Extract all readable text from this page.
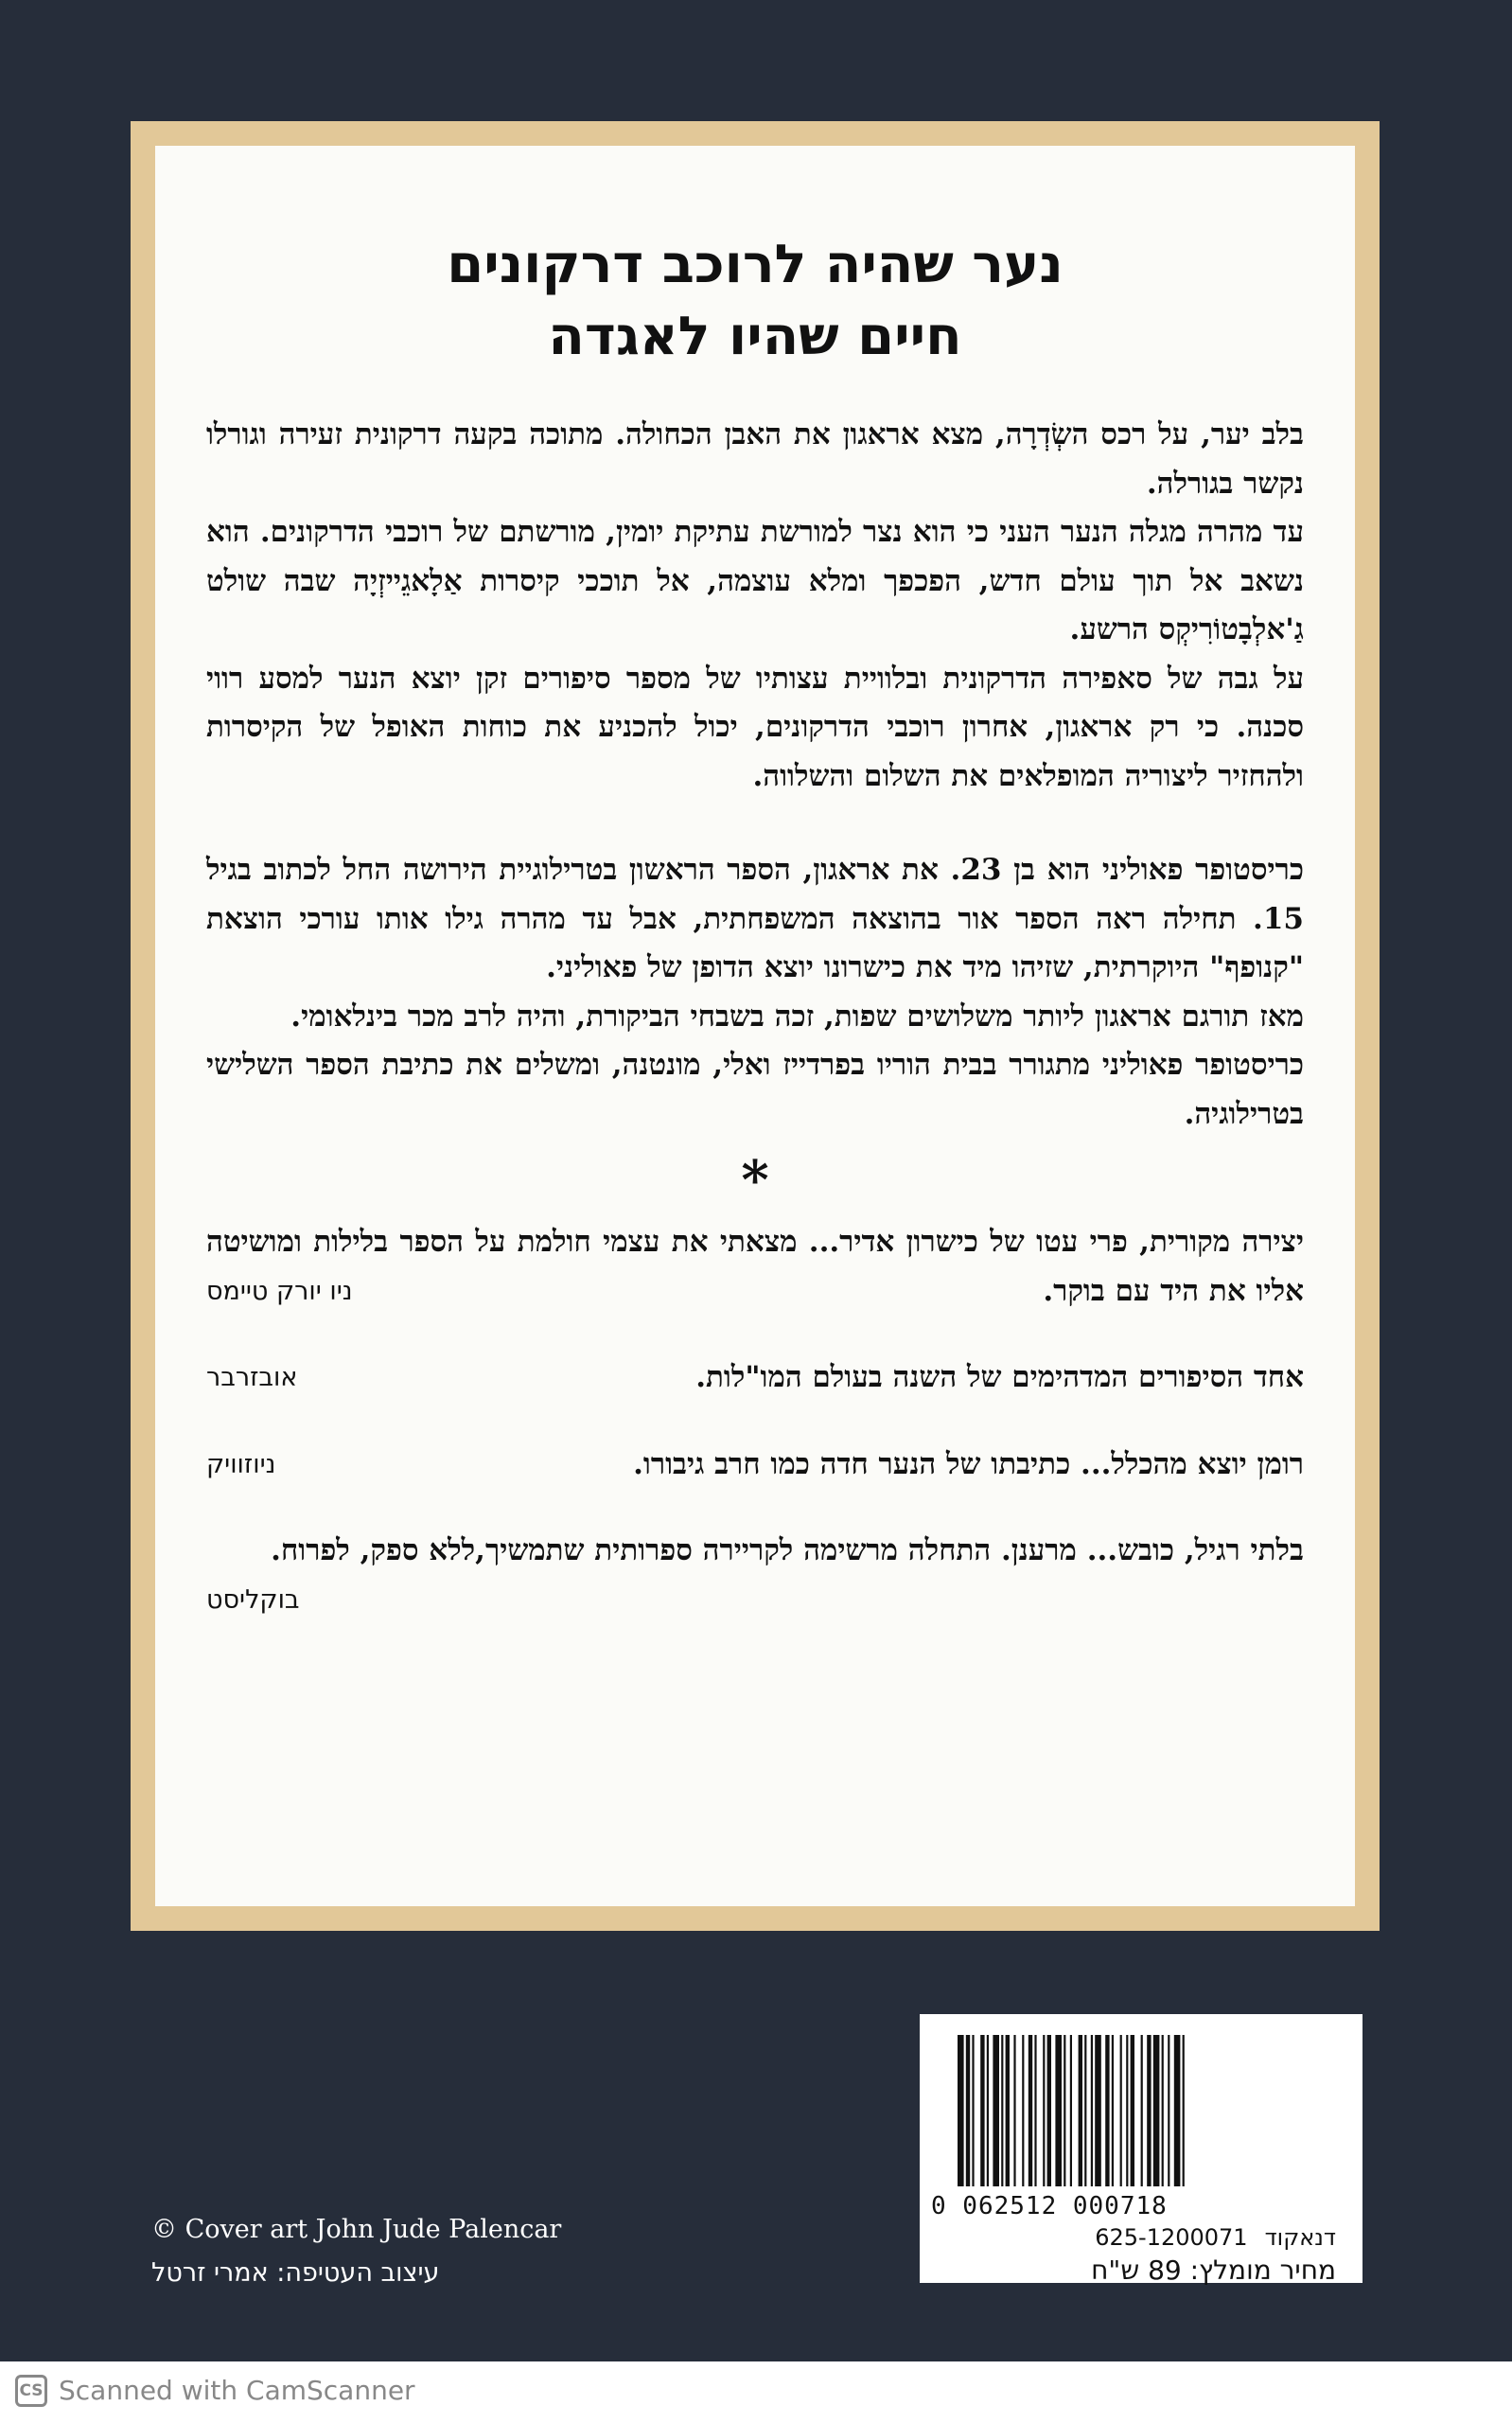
נער שהיה לרוכב דרקונים
חיים שהיו לאגדה

בלב יער, על רכס השְׂדְרָה, מצא אראגון את האבן הכחולה. מתוכה בקעה דרקונית זעירה וגורלו נקשר בגורלה.

עד מהרה מגלה הנער העני כי הוא נצר למורשת עתיקת יומין, מורשתם של רוכבי הדרקונים. הוא נשאב אל תוך עולם חדש, הפכפך ומלא עוצמה, אל תוככי קיסרות אַלָאגֵייזְיָה שבה שולט גַ'אלְבָטוֹרִיקְס הרשע.

על גבה של סאפירה הדרקונית ובלוויית עצותיו של מספר סיפורים זקן יוצא הנער למסע רווי סכנה. כי רק אראגון, אחרון רוכבי הדרקונים, יכול להכניע את כוחות האופל של הקיסרות ולהחזיר ליצוריה המופלאים את השלום והשלווה.

כריסטופר פאוליני הוא בן 23. את אראגון, הספר הראשון בטרילוגיית הירושה החל לכתוב בגיל 15. תחילה ראה הספר אור בהוצאה המשפחתית, אבל עד מהרה גילו אותו עורכי הוצאת "קנופף" היוקרתית, שזיהו מיד את כישרונו יוצא הדופן של פאוליני.

מאז תורגם אראגון ליותר משלושים שפות, זכה בשבחי הביקורת, והיה לרב מכר בינלאומי.

כריסטופר פאוליני מתגורר בבית הוריו בפרדייז ואלי, מונטנה, ומשלים את כתיבת הספר השלישי בטרילוגיה.

*

יצירה מקורית, פרי עטו של כישרון אדיר... מצאתי את עצמי חולמת על הספר בלילות ומושיטה אליו את היד עם בוקר.
ניו יורק טיימס

אחד הסיפורים המדהימים של השנה בעולם המו"לות.
אובזרבר

רומן יוצא מהכלל... כתיבתו של הנער חדה כמו חרב גיבורו.
ניוזוויק

בלתי רגיל, כובש... מרענן. התחלה מרשימה לקריירה ספרותית שתמשיך,ללא ספק, לפרוח.
בוקליסט

0 062512 000718
דנאקוד625-1200071
מחיר מומלץ: 89 ש"ח
© Cover art John Jude Palencar
עיצוב העטיפה: אמרי זרטל
CS Scanned with CamScanner
